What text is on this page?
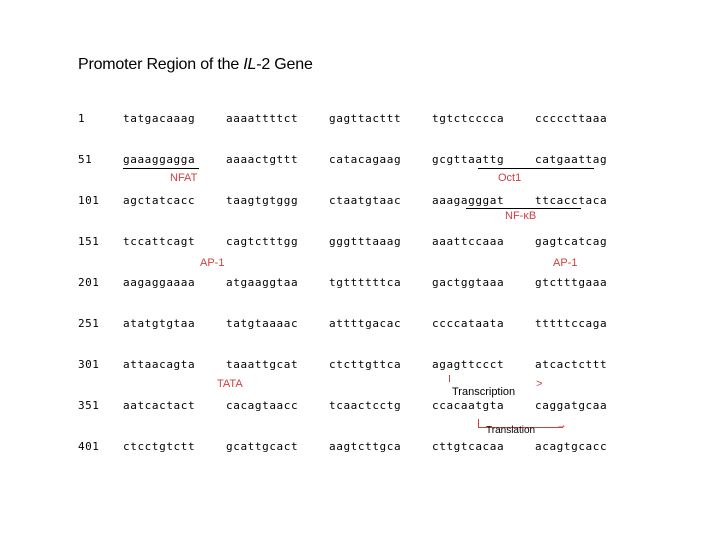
Promoter Region of the IL-2 Gene
1	tatgacaaag	aaaattttct	gagttacttt	tgtctcccca	ccccсttaaa
51	gaaaggagga	aaaactgttt	catacagaag	gcgttaattg	catgaattag
101 agctatcacc	taagtgtggg	ctaatgtaac	aaagagggat	ttcacctaca
151 tccattcagt	cagtctttgg	gggtttaaag	aaattccaaa	gagtcatcag
201 aagaggaaaa	atgaaggtaa	tgttttttca	gactggtaaa	gtctttgaaa
251 atatgtgtaa	tatgtaaaac	attttgacac	ccccataata	tttttccaga
301 attaacagta	taaattgcat	ctcttgttca	agagttccct	atcactcttt
351 aatcactact	cacagtaacc	tcaactcctg	ccacaatgta	caggatgcaa
401 ctcctgtctt	gcattgcact	aagtcttgca	cttgtcacaa	acagtgcacc
NFAT	Oct1
NF-κB
AP-1	AP-1
TATA
Transcription
>
→
Translation
